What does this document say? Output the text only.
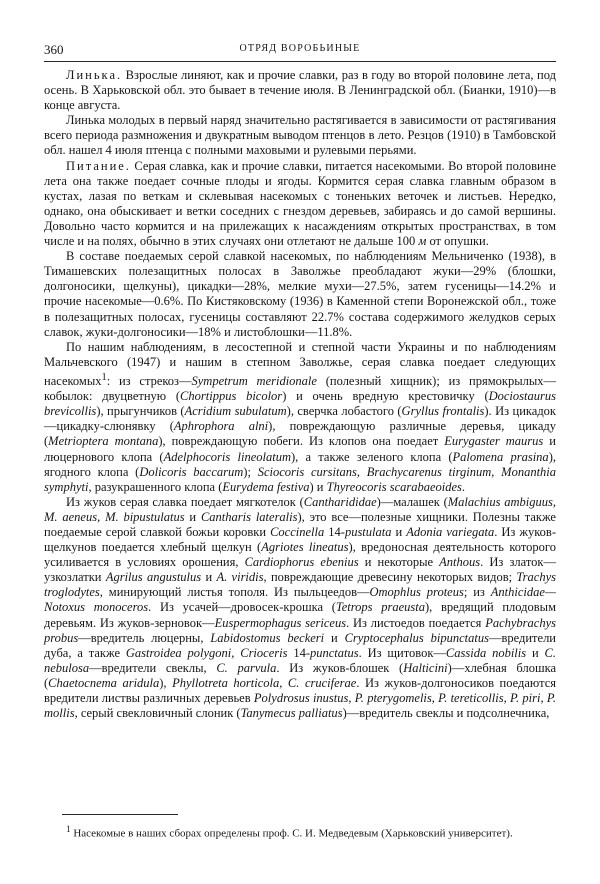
360	ОТРЯД ВОРОБЬИНЫЕ

Линька. Взрослые линяют, как и прочие славки, раз в году во второй половине лета, под осень. В Харьковской обл. это бывает в течение июля. В Ленинградской обл. (Бианки, 1910)—в конце августа.

Линька молодых в первый наряд значительно растягивается в зависимости от растягивания всего периода размножения и двукратным выводом птенцов в лето. Резцов (1910) в Тамбовской обл. нашел 4 июля птенца с полными маховыми и рулевыми перьями.

Питание. Серая славка, как и прочие славки, питается насекомыми. Во второй половине лета она также поедает сочные плоды и ягоды. Кормится серая славка главным образом в кустах, лазая по веткам и склевывая насекомых с тоненьких веточек и листьев. Нередко, однако, она обыскивает и ветки соседних с гнездом деревьев, забираясь и до самой вершины. Довольно часто кормится и на прилежащих к насаждениям открытых пространствах, в том числе и на полях, обычно в этих случаях они отлетают не дальше 100 м от опушки.

В составе поедаемых серой славкой насекомых, по наблюдениям Мельниченко (1938), в Тимашевских полезащитных полосах в Заволжье преобладают жуки—29% (блошки, долгоносики, щелкуны), цикадки—28%, мелкие мухи—27.5%, затем гусеницы—14.2% и прочие насекомые—0.6%. По Кистяковскому (1936) в Каменной степи Воронежской обл., тоже в полезащитных полосах, гусеницы составляют 22.7% состава содержимого желудков серых славок, жуки-долгоносики—18% и листоблошки—11.8%.

По нашим наблюдениям, в лесостепной и степной части Украины и по наблюдениям Мальчевского (1947) и нашим в степном Заволжье, серая славка поедает следующих насекомых$^1$: из стрекоз—Sympetrum meridionale (полезный хищник); из прямокрылых—кобылок: двуцветную (Chortippus bicolor) и очень вредную крестовичку (Dociostaurus brevicollis), прыгунчиков (Acridium subulatum), сверчка лобастого (Gryllus frontalis). Из цикадок—цикадку-слюнявку (Aphrophora alni), повреждающую различные деревья, цикаду (Metrioptera montana), повреждающую побеги. Из клопов она поедает Eurygaster maurus и люцернового клопа (Adelphocoris lineolatum), а также зеленого клопа (Palomena prasina), ягодного клопа (Dolicoris baccarum); Sciocoris cursitans, Brachycarenus tirginum, Monanthia symphyti, разукрашенного клопа (Eurydema festiva) и Thyreocoris scarabaeoides.

Из жуков серая славка поедает мягкотелок (Cantharididae)—малашек (Malachius ambiguus, M. aeneus, M. bipustulatus и Cantharis lateralis), это все—полезные хищники. Полезны также поедаемые серой славкой божьи коровки Coccinella 14-pustulata и Adonia variegata. Из жуков-щелкунов поедается хлебный щелкун (Agriotes lineatus), вредоносная деятельность которого усиливается в условиях орошения, Cardiophorus ebenius и некоторые Anthous. Из златок—узкозлатки Agrilus angustulus и A. viridis, повреждающие древесину некоторых видов; Trachys troglodytes, минирующий листья тополя. Из пыльцеедов—Omophlus proteus; из Anthicidae—Notoxus monoceros. Из усачей—дровосек-крошка (Tetrops praeusta), вредящий плодовым деревьям. Из жуков-зерновок—Euspermophagus sericeus. Из листоедов поедается Pachybrachys probus—вредитель люцерны, Labidostomus beckeri и Cryptocephalus bipunctatus—вредители дуба, а также Gastroidea polygoni, Crioceris 14-punctatus. Из щитовок—Cassida nobilis и C. nebulosa—вредители свеклы, C. parvula. Из жуков-блошек (Halticini)—хлебная блошка (Chaetocnema aridula), Phyllotreta horticola, C. cruciferae. Из жуков-долгоносиков поедаются вредители листвы различных деревьев Polydrosus inustus, P. pterygomelis, P. tereticollis, P. piri, P. mollis, серый свекловичный слоник (Tanymecus palliatus)—вредитель свеклы и подсолнечника,

$^1$ Насекомые в наших сборах определены проф. С. И. Медведевым (Харьковский университет).
